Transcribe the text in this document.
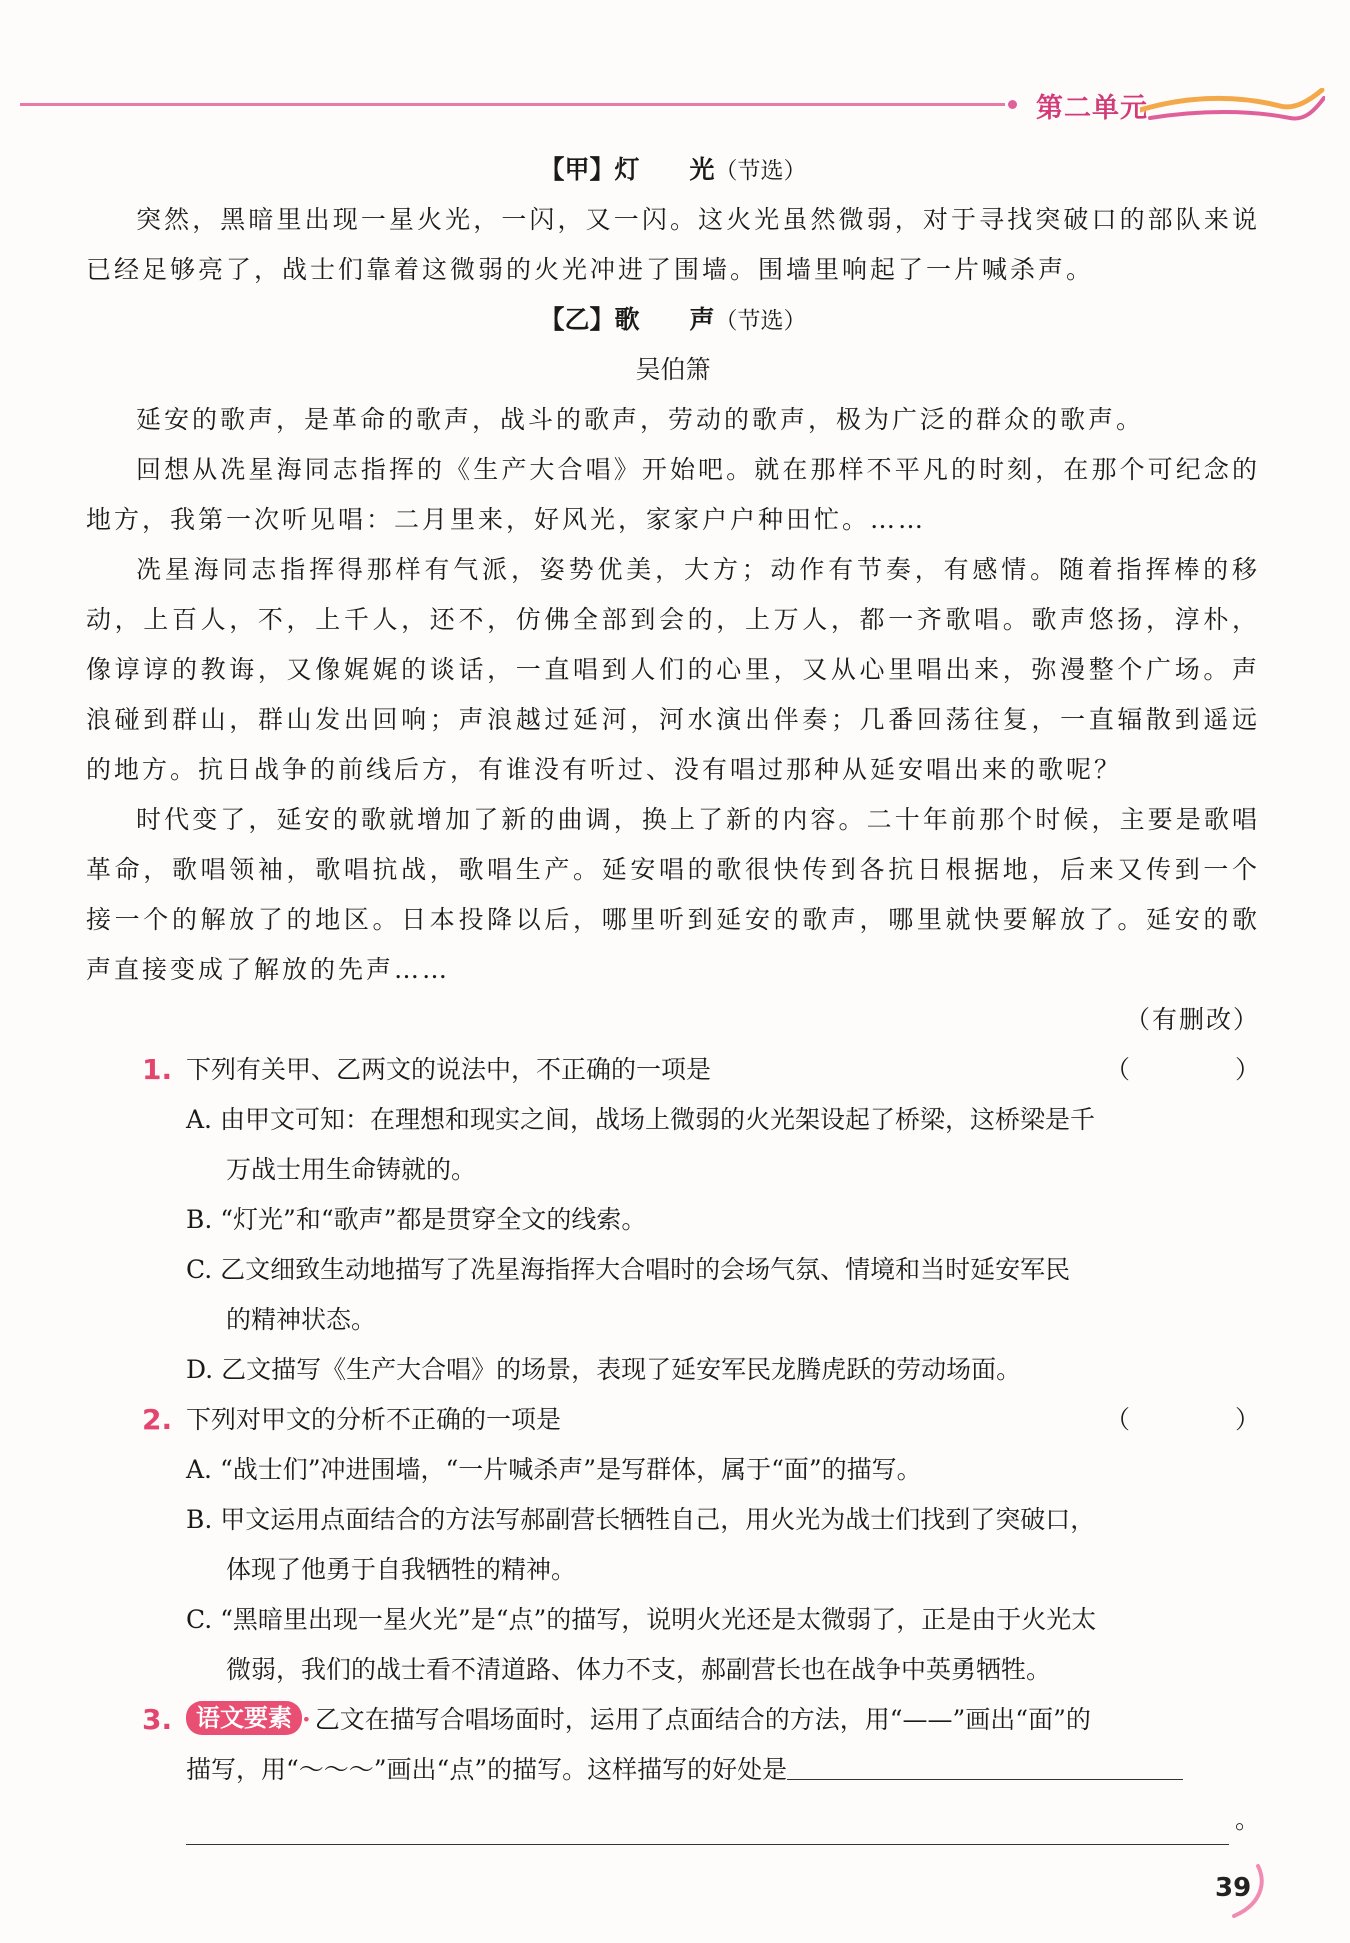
第二单元
【甲】灯　　光（节选）

突然，黑暗里出现一星火光，一闪，又一闪。这火光虽然微弱，对于寻找突破口的部队来说已经足够亮了，战士们靠着这微弱的火光冲进了围墙。围墙里响起了一片喊杀声。

【乙】歌　　声（节选）
吴伯箫

延安的歌声，是革命的歌声，战斗的歌声，劳动的歌声，极为广泛的群众的歌声。

回想从冼星海同志指挥的《生产大合唱》开始吧。就在那样不平凡的时刻，在那个可纪念的地方，我第一次听见唱：二月里来，好风光，家家户户种田忙。……

冼星海同志指挥得那样有气派，姿势优美，大方；动作有节奏，有感情。随着指挥棒的移动，上百人，不，上千人，还不，仿佛全部到会的，上万人，都一齐歌唱。歌声悠扬，淳朴，像谆谆的教诲，又像娓娓的谈话，一直唱到人们的心里，又从心里唱出来，弥漫整个广场。声浪碰到群山，群山发出回响；声浪越过延河，河水演出伴奏；几番回荡往复，一直辐散到遥远的地方。抗日战争的前线后方，有谁没有听过、没有唱过那种从延安唱出来的歌呢？

时代变了，延安的歌就增加了新的曲调，换上了新的内容。二十年前那个时候，主要是歌唱革命，歌唱领袖，歌唱抗战，歌唱生产。延安唱的歌很快传到各抗日根据地，后来又传到一个接一个的解放了的地区。日本投降以后，哪里听到延安的歌声，哪里就快要解放了。延安的歌声直接变成了解放的先声……

（有删改）
1. 下列有关甲、乙两文的说法中，不正确的一项是	（　）
A. 由甲文可知：在理想和现实之间，战场上微弱的火光架设起了桥梁，这桥梁是千
万战士用生命铸就的。
B. “灯光”和“歌声”都是贯穿全文的线索。
C. 乙文细致生动地描写了冼星海指挥大合唱时的会场气氛、情境和当时延安军民
的精神状态。
D. 乙文描写《生产大合唱》的场景，表现了延安军民龙腾虎跃的劳动场面。
2. 下列对甲文的分析不正确的一项是	（　）
A. “战士们”冲进围墙，“一片喊杀声”是写群体，属于“面”的描写。
B. 甲文运用点面结合的方法写郝副营长牺牲自己，用火光为战士们找到了突破口，
体现了他勇于自我牺牲的精神。
C. “黑暗里出现一星火光”是“点”的描写，说明火光还是太微弱了，正是由于火光太
微弱，我们的战士看不清道路、体力不支，郝副营长也在战争中英勇牺牲。
3. 语文要素 · 乙文在描写合唱场面时，运用了点面结合的方法，用“——”画出“面”的
描写，用“～～～”画出“点”的描写。这样描写的好处是
。
39
